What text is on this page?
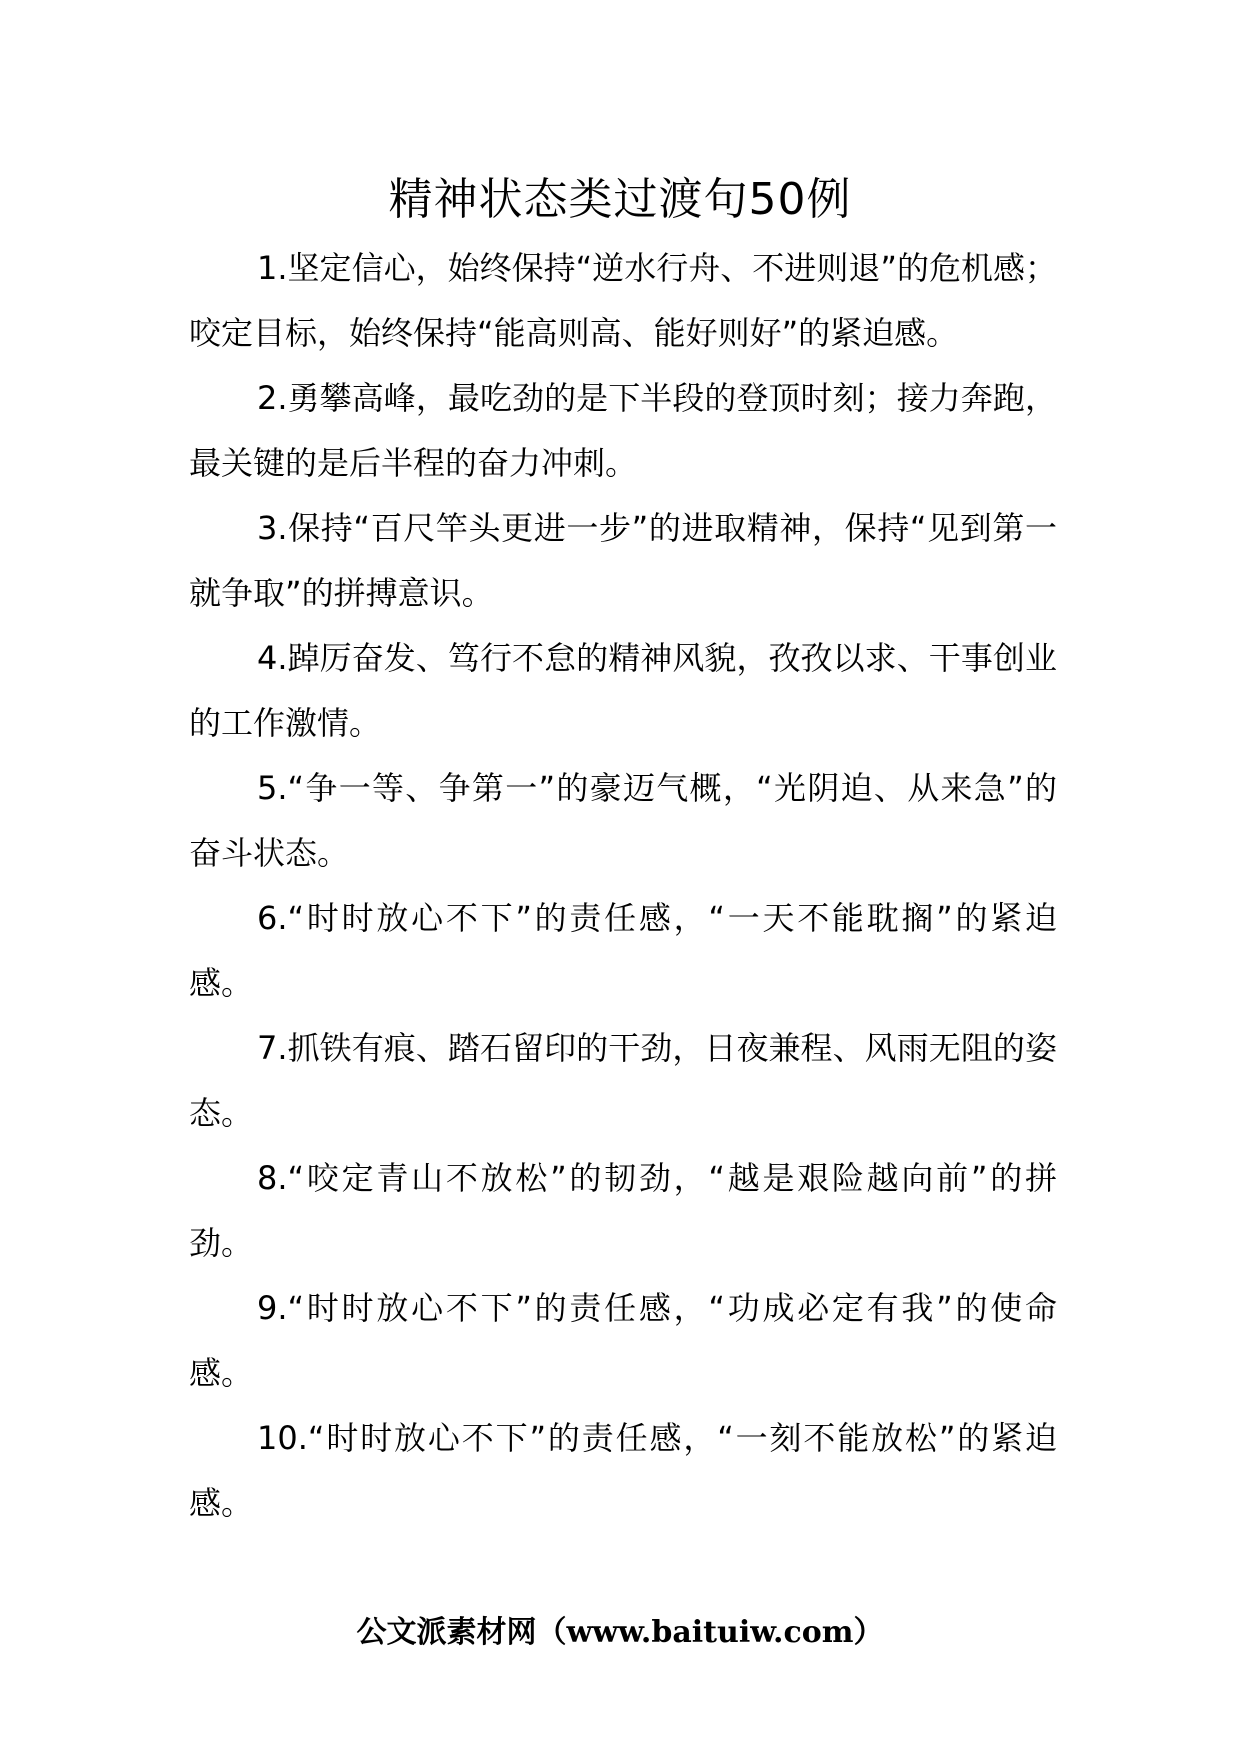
精神状态类过渡句50例

1.坚定信心，始终保持“逆水行舟、不进则退”的危机感；咬定目标，始终保持“能高则高、能好则好”的紧迫感。

2.勇攀高峰，最吃劲的是下半段的登顶时刻；接力奔跑，最关键的是后半程的奋力冲刺。

3.保持“百尺竿头更进一步”的进取精神，保持“见到第一就争取”的拼搏意识。

4.踔厉奋发、笃行不怠的精神风貌，孜孜以求、干事创业的工作激情。

5.“争一等、争第一”的豪迈气概，“光阴迫、从来急”的奋斗状态。

6.“时时放心不下”的责任感，“一天不能耽搁”的紧迫感。

7.抓铁有痕、踏石留印的干劲，日夜兼程、风雨无阻的姿态。

8.“咬定青山不放松”的韧劲，“越是艰险越向前”的拼劲。

9.“时时放心不下”的责任感，“功成必定有我”的使命感。

10.“时时放心不下”的责任感，“一刻不能放松”的紧迫感。

公文派素材网（www.baituiw.com）
